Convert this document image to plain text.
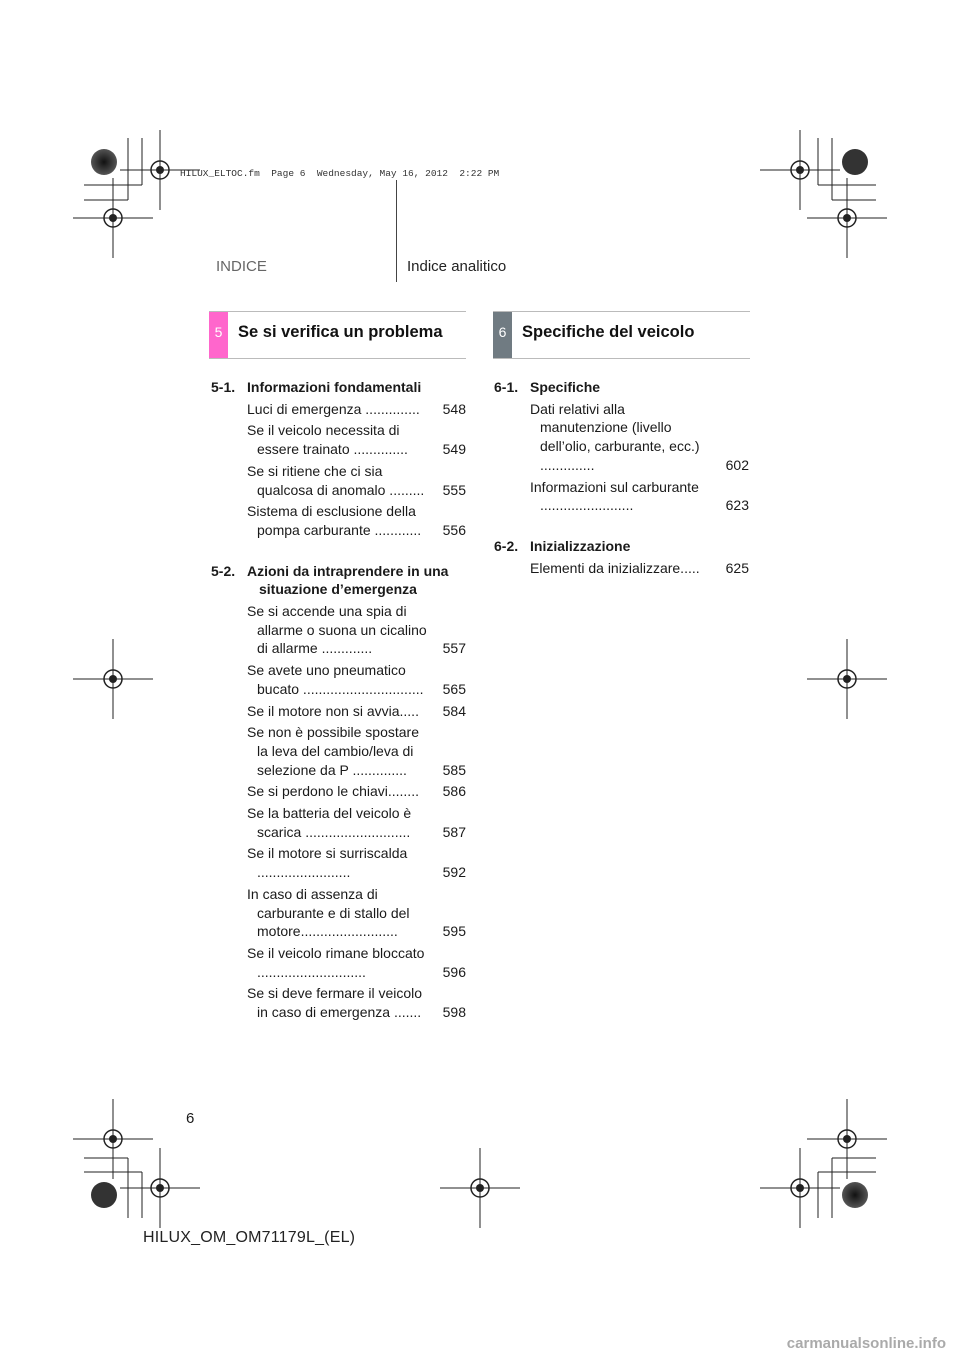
HILUX_ELTOC.fm  Page 6  Wednesday, May 16, 2012  2:22 PM
INDICE	Indice analitico
5 Se si verifica un problema	6 Specifiche del veicolo
5-1. Informazioni fondamentali
Luci di emergenza .............. 548
Se il veicolo necessita di essere trainato .............. 549
Se si ritiene che ci sia qualcosa di anomalo ......... 555
Sistema di esclusione della pompa carburante ............ 556
5-2. Azioni da intraprendere in una situazione d’emergenza
Se si accende una spia di allarme o suona un cicalino di allarme .............	557
Se avete uno pneumatico bucato ............................... 565
Se il motore non si avvia..... 584
Se non è possibile spostare la leva del cambio/leva di selezione da P ..............	585
Se si perdono le chiavi........ 586
Se la batteria del veicolo è scarica ........................... 587
Se il motore si surriscalda ........................	592
In caso di assenza di carburante e di stallo del motore.........................	595
Se il veicolo rimane bloccato ............................	596
Se si deve fermare il veicolo in caso di emergenza ....... 598
6-1. Specifiche
Dati relativi alla manutenzione (livello dell’olio, carburante, ecc.) ..............	602
Informazioni sul carburante ........................	623
6-2. Inizializzazione
Elementi da inizializzare..... 625
6
HILUX_OM_OM71179L_(EL)
carmanualsonline.info
